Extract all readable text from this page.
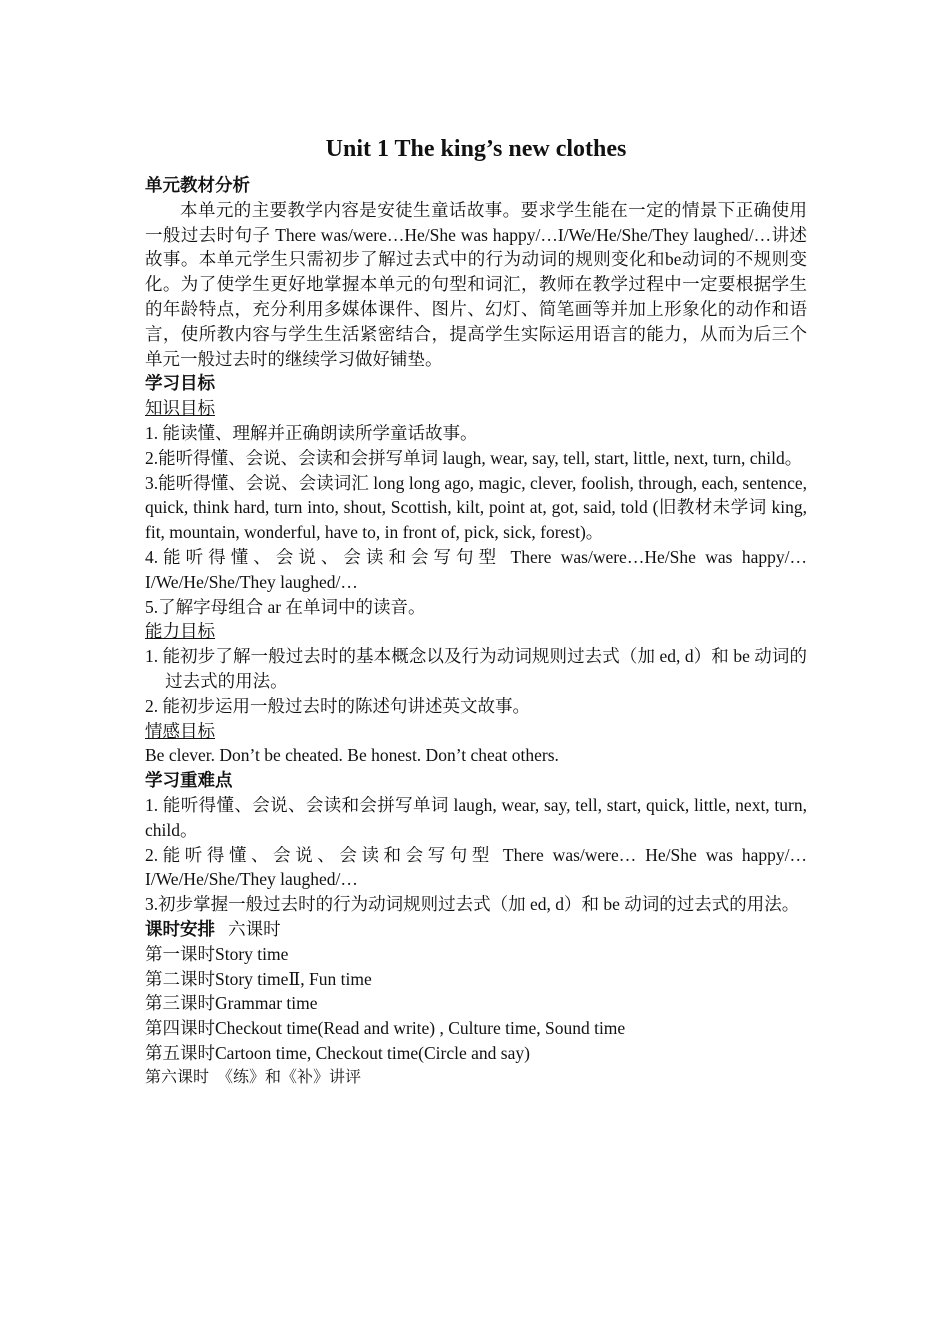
Unit 1 The king’s new clothes
单元教材分析
本单元的主要教学内容是安徒生童话故事。要求学生能在一定的情景下正确使用一般过去时句子 There was/were…He/She was happy/…I/We/He/She/They laughed/…讲述故事。本单元学生只需初步了解过去式中的行为动词的规则变化和be动词的不规则变化。为了使学生更好地掌握本单元的句型和词汇，教师在教学过程中一定要根据学生的年龄特点，充分利用多媒体课件、图片、幻灯、简笔画等并加上形象化的动作和语言，使所教内容与学生生活紧密结合，提高学生实际运用语言的能力，从而为后三个单元一般过去时的继续学习做好铺垫。
学习目标
知识目标
1. 能读懂、理解并正确朗读所学童话故事。
2.能听得懂、会说、会读和会拼写单词 laugh, wear, say, tell, start, little, next, turn, child。
3.能听得懂、会说、会读词汇 long long ago, magic, clever, foolish, through, each, sentence, quick, think hard, turn into, shout, Scottish, kilt, point at, got, said, told (旧教材未学词 king, fit, mountain, wonderful, have to, in front of, pick, sick, forest)。
4.能听得懂、会说、会读和会写句型 There was/were…He/She was happy/…I/We/He/She/They laughed/…
5.了解字母组合 ar 在单词中的读音。
能力目标
1. 能初步了解一般过去时的基本概念以及行为动词规则过去式（加 ed, d）和 be 动词的过去式的用法。
2. 能初步运用一般过去时的陈述句讲述英文故事。
情感目标
Be clever. Don’t be cheated. Be honest. Don’t cheat others.
学习重难点
1. 能听得懂、会说、会读和会拼写单词 laugh, wear, say, tell, start, quick, little, next, turn, child。
2.能听得懂、会说、会读和会写句型 There was/were… He/She was happy/… I/We/He/She/They laughed/…
3.初步掌握一般过去时的行为动词规则过去式（加 ed, d）和 be 动词的过去式的用法。
课时安排 六课时
第一课时Story time
第二课时Story timeⅡ, Fun time
第三课时Grammar time
第四课时Checkout time(Read and write) , Culture time, Sound time
第五课时Cartoon time, Checkout time(Circle and say)
第六课时 《练》和《补》讲评
